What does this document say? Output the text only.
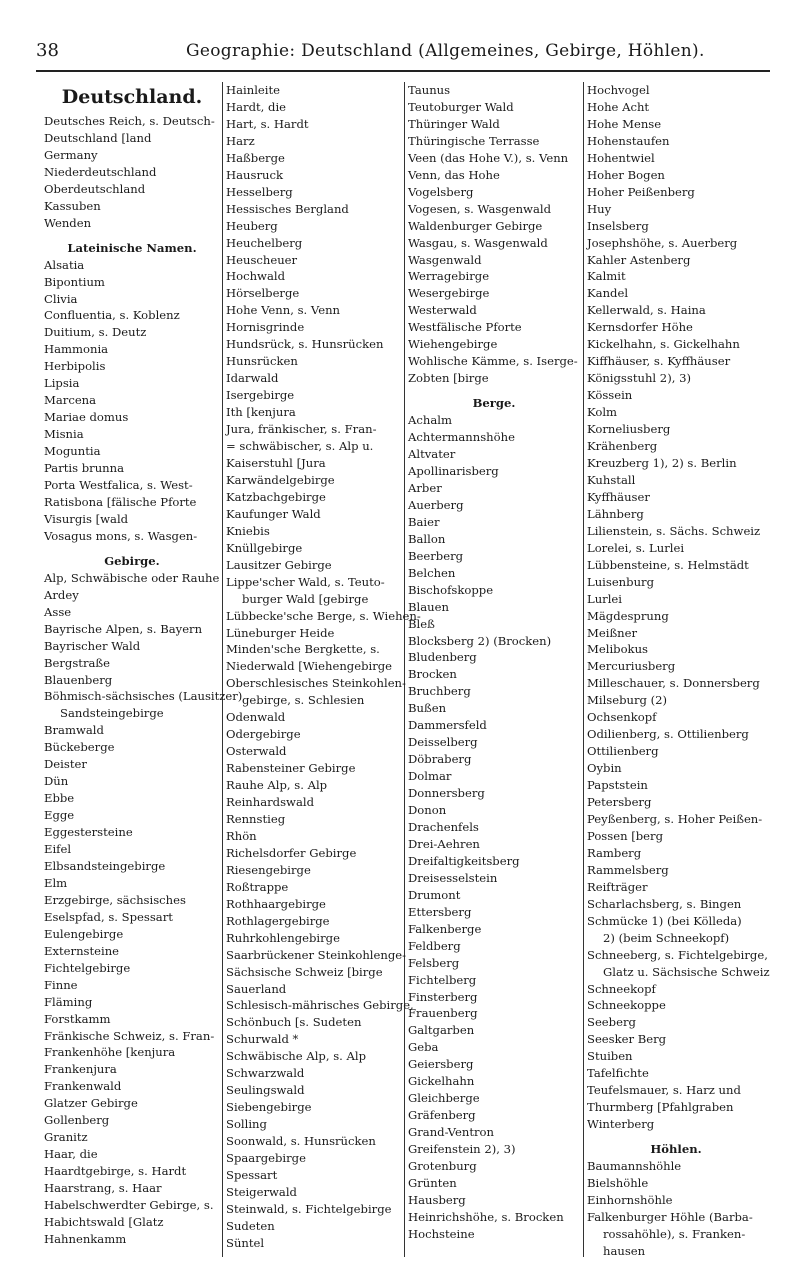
38	Geographie: Deutschland (Allgemeines, Gebirge, Höhlen).
Deutschland.
Deutsches Reich, s. Deutsch-
Deutschland [land
Germany
Niederdeutschland
Oberdeutschland
Kassuben
Wenden
Lateinische Namen.
Alsatia
Bipontium
Clivia
Confluentia, s. Koblenz
Duitium, s. Deutz
Hammonia
Herbipolis
Lipsia
Marcena
Mariae domus
Misnia
Moguntia
Partis brunna
Porta Westfalica, s. West-
Ratisbona [fälische Pforte
Visurgis [wald
Vosagus mons, s. Wasgen-
Gebirge.
Alp, Schwäbische oder Rauhe
Ardey
Asse
Bayrische Alpen, s. Bayern
Bayrischer Wald
Bergstraße
Blauenberg
Böhmisch-sächsisches (Lausitzer)
Sandsteingebirge
Bramwald
Bückeberge
Deister
Dün
Ebbe
Egge
Eggestersteine
Eifel
Elbsandsteingebirge
Elm
Erzgebirge, sächsisches
Eselspfad, s. Spessart
Eulengebirge
Externsteine
Fichtelgebirge
Finne
Fläming
Forstkamm
Fränkische Schweiz, s. Fran-
Frankenhöhe [kenjura
Frankenjura
Frankenwald
Glatzer Gebirge
Gollenberg
Granitz
Haar, die
Haardtgebirge, s. Hardt
Haarstrang, s. Haar
Habelschwerdter Gebirge, s.
Habichtswald [Glatz
Hahnenkamm
Hainleite
Hardt, die
Hart, s. Hardt
Harz
Haßberge
Hausruck
Hesselberg
Hessisches Bergland
Heuberg
Heuchelberg
Heuscheuer
Hochwald
Hörselberge
Hohe Venn, s. Venn
Hornisgrinde
Hundsrück, s. Hunsrücken
Hunsrücken
Idarwald
Isergebirge
Ith [kenjura
Jura, fränkischer, s. Fran-
= schwäbischer, s. Alp u.
Kaiserstuhl [Jura
Karwändelgebirge
Katzbachgebirge
Kaufunger Wald
Kniebis
Knüllgebirge
Lausitzer Gebirge
Lippe'scher Wald, s. Teuto-
burger Wald [gebirge
Lübbecke'sche Berge, s. Wiehen-
Lüneburger Heide
Minden'sche Bergkette, s.
Niederwald [Wiehengebirge
Oberschlesisches Steinkohlen-
gebirge, s. Schlesien
Odenwald
Odergebirge
Osterwald
Rabensteiner Gebirge
Rauhe Alp, s. Alp
Reinhardswald
Rennstieg
Rhön
Richelsdorfer Gebirge
Riesengebirge
Roßtrappe
Rothhaargebirge
Rothlagergebirge
Ruhrkohlengebirge
Saarbrückener Steinkohlenge-
Sächsische Schweiz [birge
Sauerland
Schlesisch-mährisches Gebirge,
Schönbuch [s. Sudeten
Schurwald *
Schwäbische Alp, s. Alp
Schwarzwald
Seulingswald
Siebengebirge
Solling
Soonwald, s. Hunsrücken
Spaargebirge
Spessart
Steigerwald
Steinwald, s. Fichtelgebirge
Sudeten
Süntel
Taunus
Teutoburger Wald
Thüringer Wald
Thüringische Terrasse
Veen (das Hohe V.), s. Venn
Venn, das Hohe
Vogelsberg
Vogesen, s. Wasgenwald
Waldenburger Gebirge
Wasgau, s. Wasgenwald
Wasgenwald
Werragebirge
Wesergebirge
Westerwald
Westfälische Pforte
Wiehengebirge
Wohlische Kämme, s. Iserge-
Zobten [birge
Berge.
Achalm
Achtermannshöhe
Altvater
Apollinarisberg
Arber
Auerberg
Baier
Ballon
Beerberg
Belchen
Bischofskoppe
Blauen
Bleß
Blocksberg 2) (Brocken)
Bludenberg
Brocken
Bruchberg
Bußen
Dammersfeld
Deisselberg
Döbraberg
Dolmar
Donnersberg
Donon
Drachenfels
Drei-Aehren
Dreifaltigkeitsberg
Dreisesselstein
Drumont
Ettersberg
Falkenberge
Feldberg
Felsberg
Fichtelberg
Finsterberg
Frauenberg
Galtgarben
Geba
Geiersberg
Gickelhahn
Gleichberge
Gräfenberg
Grand-Ventron
Greifenstein 2), 3)
Grotenburg
Grünten
Hausberg
Heinrichshöhe, s. Brocken
Hochsteine
Hochvogel
Hohe Acht
Hohe Mense
Hohenstaufen
Hohentwiel
Hoher Bogen
Hoher Peißenberg
Huy
Inselsberg
Josephshöhe, s. Auerberg
Kahler Astenberg
Kalmit
Kandel
Kellerwald, s. Haina
Kernsdorfer Höhe
Kickelhahn, s. Gickelhahn
Kiffhäuser, s. Kyffhäuser
Königsstuhl 2), 3)
Kössein
Kolm
Korneliusberg
Krähenberg
Kreuzberg 1), 2) s. Berlin
Kuhstall
Kyffhäuser
Lähnberg
Lilienstein, s. Sächs. Schweiz
Lorelei, s. Lurlei
Lübbensteine, s. Helmstädt
Luisenburg
Lurlei
Mägdesprung
Meißner
Melibokus
Mercuriusberg
Milleschauer, s. Donnersberg
Milseburg (2)
Ochsenkopf
Odilienberg, s. Ottilienberg
Ottilienberg
Oybin
Papststein
Petersberg
Peyßenberg, s. Hoher Peißen-
Possen [berg
Ramberg
Rammelsberg
Reifträger
Scharlachsberg, s. Bingen
Schmücke 1) (bei Kölleda)
2) (beim Schneekopf)
Schneeberg, s. Fichtelgebirge,
Glatz u. Sächsische Schweiz
Schneekopf
Schneekoppe
Seeberg
Seesker Berg
Stuiben
Tafelfichte
Teufelsmauer, s. Harz und
Thurmberg [Pfahlgraben
Winterberg
Höhlen.
Baumannshöhle
Bielshöhle
Einhornshöhle
Falkenburger Höhle (Barba-
rossahöhle), s. Franken-
hausen
